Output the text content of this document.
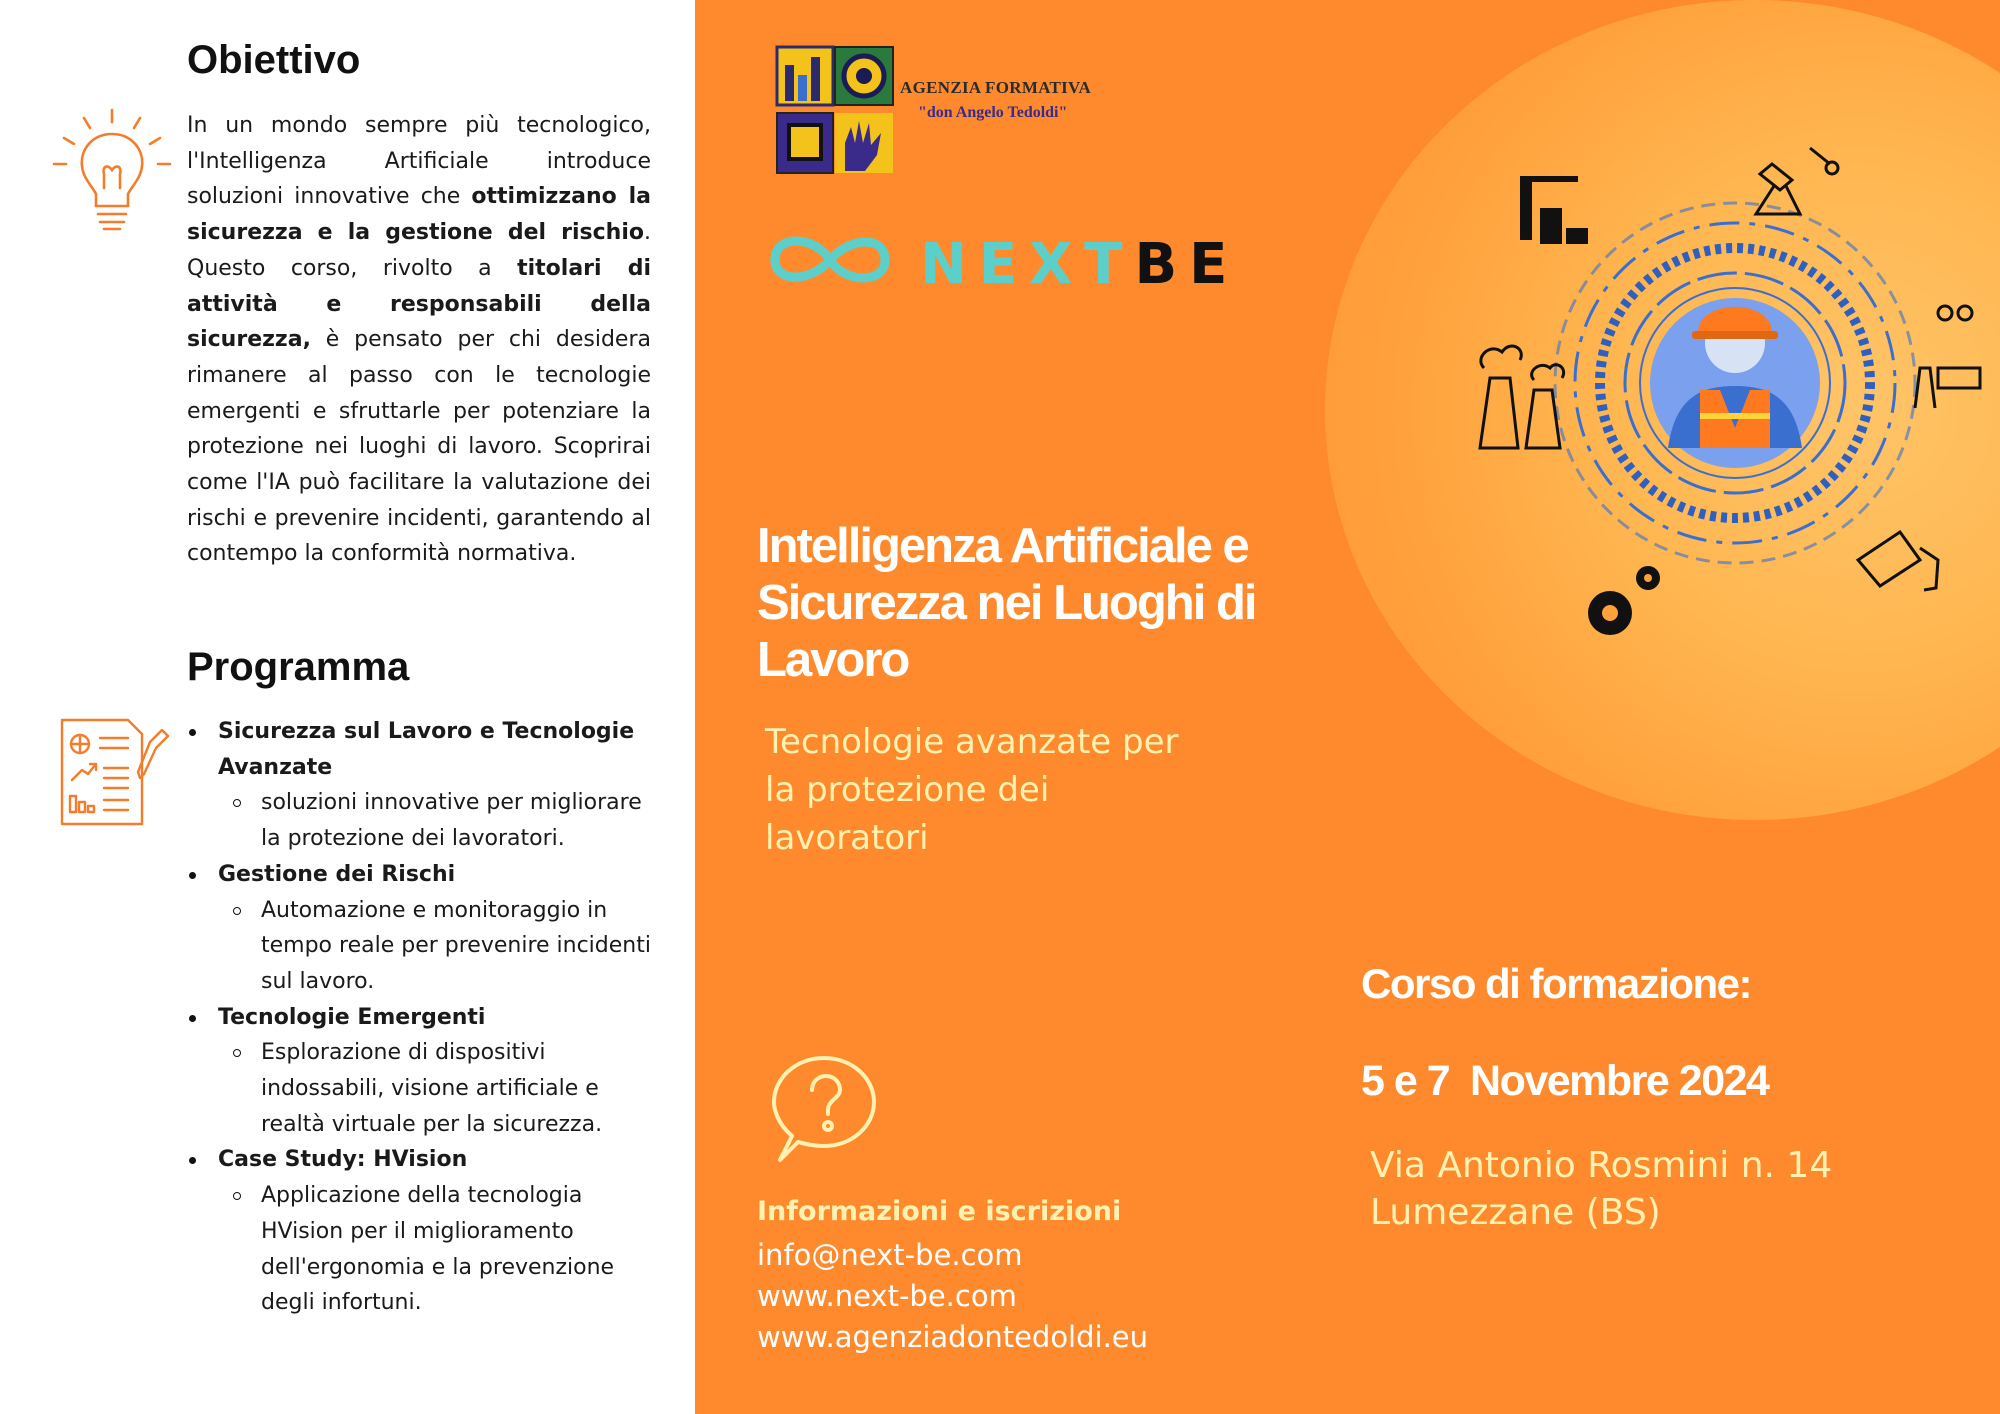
Obiettivo
In un mondo sempre più tecnologico, l'Intelligenza Artificiale introduce soluzioni innovative che ottimizzano la sicurezza e la gestione del rischio. Questo corso, rivolto a titolari di attività e responsabili della sicurezza, è pensato per chi desidera rimanere al passo con le tecnologie emergenti e sfruttarle per potenziare la protezione nei luoghi di lavoro. Scoprirai come l'IA può facilitare la valutazione dei rischi e prevenire incidenti, garantendo al contempo la conformità normativa.
Programma
Sicurezza sul Lavoro e Tecnologie Avanzate
soluzioni innovative per migliorare la protezione dei lavoratori.
Gestione dei Rischi
Automazione e monitoraggio in tempo reale per prevenire incidenti sul lavoro.
Tecnologie Emergenti
Esplorazione di dispositivi indossabili, visione artificiale e realtà virtuale per la sicurezza.
Case Study: HVision
Applicazione della tecnologia HVision per il miglioramento dell'ergonomia e la prevenzione degli infortuni.
AGENZIA FORMATIVA
"don Angelo Tedoldi"
NEXTBE
Intelligenza Artificiale e Sicurezza nei Luoghi di Lavoro
Tecnologie avanzate per la protezione dei lavoratori
Corso di formazione:
5 e 7  Novembre 2024
Via Antonio Rosmini n. 14
Lumezzane (BS)
Informazioni e iscrizioni
info@next-be.com
www.next-be.com
www.agenziadontedoldi.eu
